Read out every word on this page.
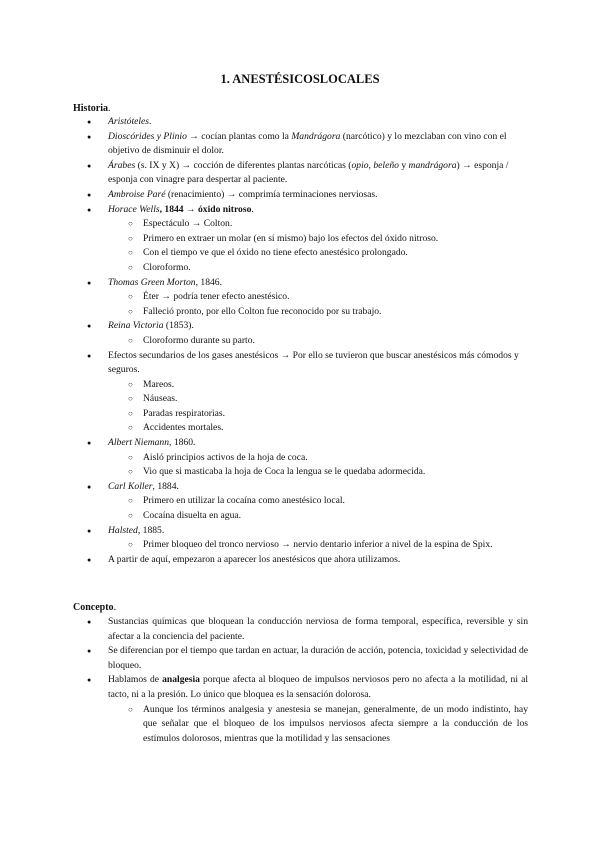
1. ANESTÉSICOSLOCALES
Historia.
● Aristóteles.
● Dioscórides y Plinio → cocían plantas como la Mandrágora (narcótico) y lo mezclaban con vino con el objetivo de disminuir el dolor.
● Árabes (s. IX y X) → cocción de diferentes plantas narcóticas (opio, beleño y mandrágora) → esponja / esponja con vinagre para despertar al paciente.
● Ambroise Paré (renacimiento) → comprimía terminaciones nerviosas.
● Horace Wells, 1844 → óxido nitroso.
○ Espectáculo → Colton.
○ Primero en extraer un molar (en sí mismo) bajo los efectos del óxido nitroso.
○ Con el tiempo ve que el óxido no tiene efecto anestésico prolongado.
○ Cloroformo.
● Thomas Green Morton, 1846.
○ Éter → podría tener efecto anestésico.
○ Falleció pronto, por ello Colton fue reconocido por su trabajo.
● Reina Victoria (1853).
○ Cloroformo durante su parto.
● Efectos secundarios de los gases anestésicos → Por ello se tuvieron que buscar anestésicos más cómodos y seguros.
○ Mareos.
○ Náuseas.
○ Paradas respiratorias.
○ Accidentes mortales.
● Albert Niemann, 1860.
○ Aisló principios activos de la hoja de coca.
○ Vio que si masticaba la hoja de Coca la lengua se le quedaba adormecida.
● Carl Koller, 1884.
○ Primero en utilizar la cocaína como anestésico local.
○ Cocaína disuelta en agua.
● Halsted, 1885.
○ Primer bloqueo del tronco nervioso → nervio dentario inferior a nivel de la espina de Spix.
● A partir de aquí, empezaron a aparecer los anestésicos que ahora utilizamos.
Concepto.
● Sustancias químicas que bloquean la conducción nerviosa de forma temporal, específica, reversible y sin afectar a la conciencia del paciente.
● Se diferencian por el tiempo que tardan en actuar, la duración de acción, potencia, toxicidad y selectividad de bloqueo.
● Hablamos de analgesia porque afecta al bloqueo de impulsos nerviosos pero no afecta a la motilidad, ni al tacto, ni a la presión. Lo único que bloquea es la sensación dolorosa.
○ Aunque los términos analgesia y anestesia se manejan, generalmente, de un modo indistinto, hay que señalar que el bloqueo de los impulsos nerviosos afecta siempre a la conducción de los estímulos dolorosos, mientras que la motilidad y las sensaciones
